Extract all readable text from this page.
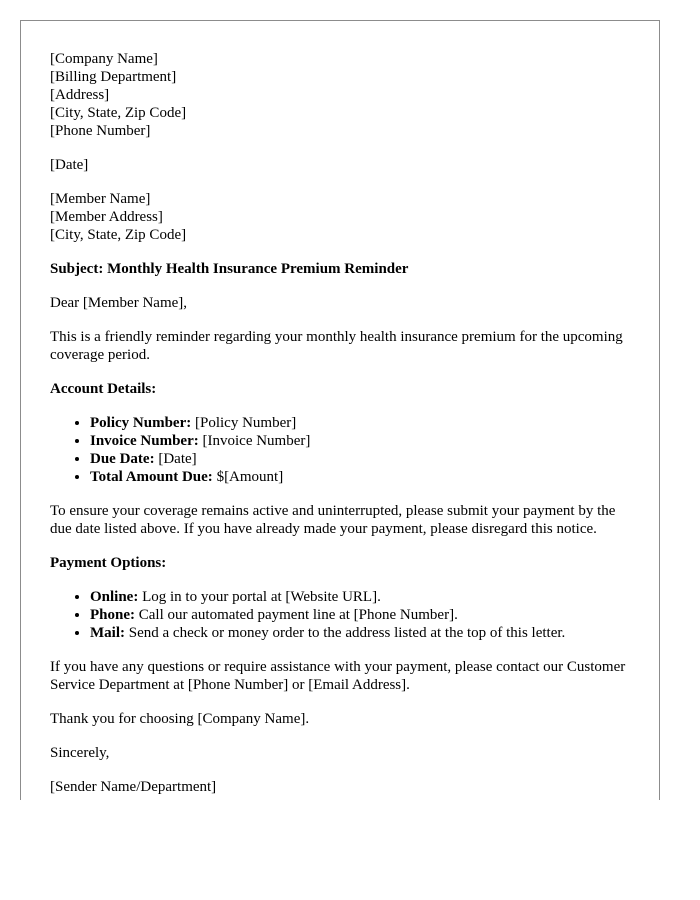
[Company Name]
[Billing Department]
[Address]
[City, State, Zip Code]
[Phone Number]

[Date]

[Member Name]
[Member Address]
[City, State, Zip Code]

Subject: Monthly Health Insurance Premium Reminder

Dear [Member Name],

This is a friendly reminder regarding your monthly health insurance premium for the upcoming coverage period.

Account Details:

• Policy Number: [Policy Number]
• Invoice Number: [Invoice Number]
• Due Date: [Date]
• Total Amount Due: $[Amount]

To ensure your coverage remains active and uninterrupted, please submit your payment by the due date listed above. If you have already made your payment, please disregard this notice.

Payment Options:

• Online: Log in to your portal at [Website URL].
• Phone: Call our automated payment line at [Phone Number].
• Mail: Send a check or money order to the address listed at the top of this letter.

If you have any questions or require assistance with your payment, please contact our Customer Service Department at [Phone Number] or [Email Address].

Thank you for choosing [Company Name].

Sincerely,

[Sender Name/Department]
